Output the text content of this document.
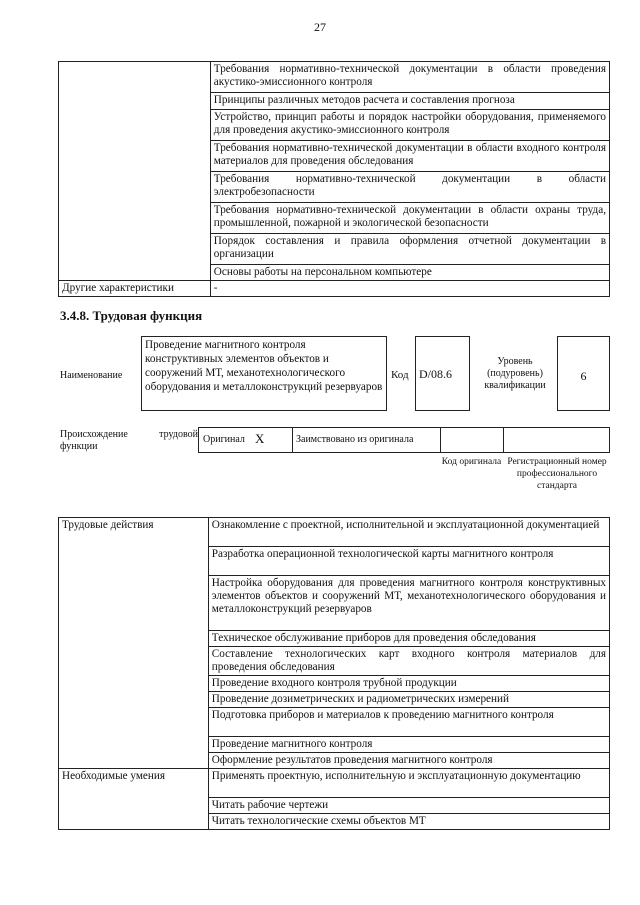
27
	Требования нормативно-технической документации в области проведения акустико-эмиссионного контроля
	Принципы различных методов расчета и составления прогноза
	Устройство, принцип работы и порядок настройки оборудования, применяемого для проведения акустико-эмиссионного контроля
	Требования нормативно-технической документации в области входного контроля материалов для проведения обследования
	Требования нормативно-технической документации в области электробезопасности
	Требования нормативно-технической документации в области охраны труда, промышленной, пожарной и экологической безопасности
	Порядок составления и правила оформления отчетной документации в организации
	Основы работы на персональном компьютере
Другие характеристики	-
3.4.8. Трудовая функция
Наименование
Проведение магнитного контроля конструктивных элементов объектов и сооружений МТ, механотехнологического оборудования и металлоконструкций резервуаров
Код D/08.6
Уровень (подуровень) квалификации
6
Происхождение	трудовой
функции
Оригинал X	Заимствовано из оригинала
Код оригинала Регистрационный номер профессионального стандарта
Трудовые действия	Ознакомление с проектной, исполнительной и эксплуатационной документацией
	Разработка операционной технологической карты магнитного контроля
	Настройка оборудования для проведения магнитного контроля конструктивных элементов объектов и сооружений МТ, механотехнологического оборудования и металлоконструкций резервуаров
	Техническое обслуживание приборов для проведения обследования
	Составление технологических карт входного контроля материалов для проведения обследования
	Проведение входного контроля трубной продукции
	Проведение дозиметрических и радиометрических измерений
	Подготовка приборов и материалов к проведению магнитного контроля
	Проведение магнитного контроля
	Оформление результатов проведения магнитного контроля
Необходимые умения	Применять проектную, исполнительную и эксплуатационную документацию
	Читать рабочие чертежи
	Читать технологические схемы объектов МТ
